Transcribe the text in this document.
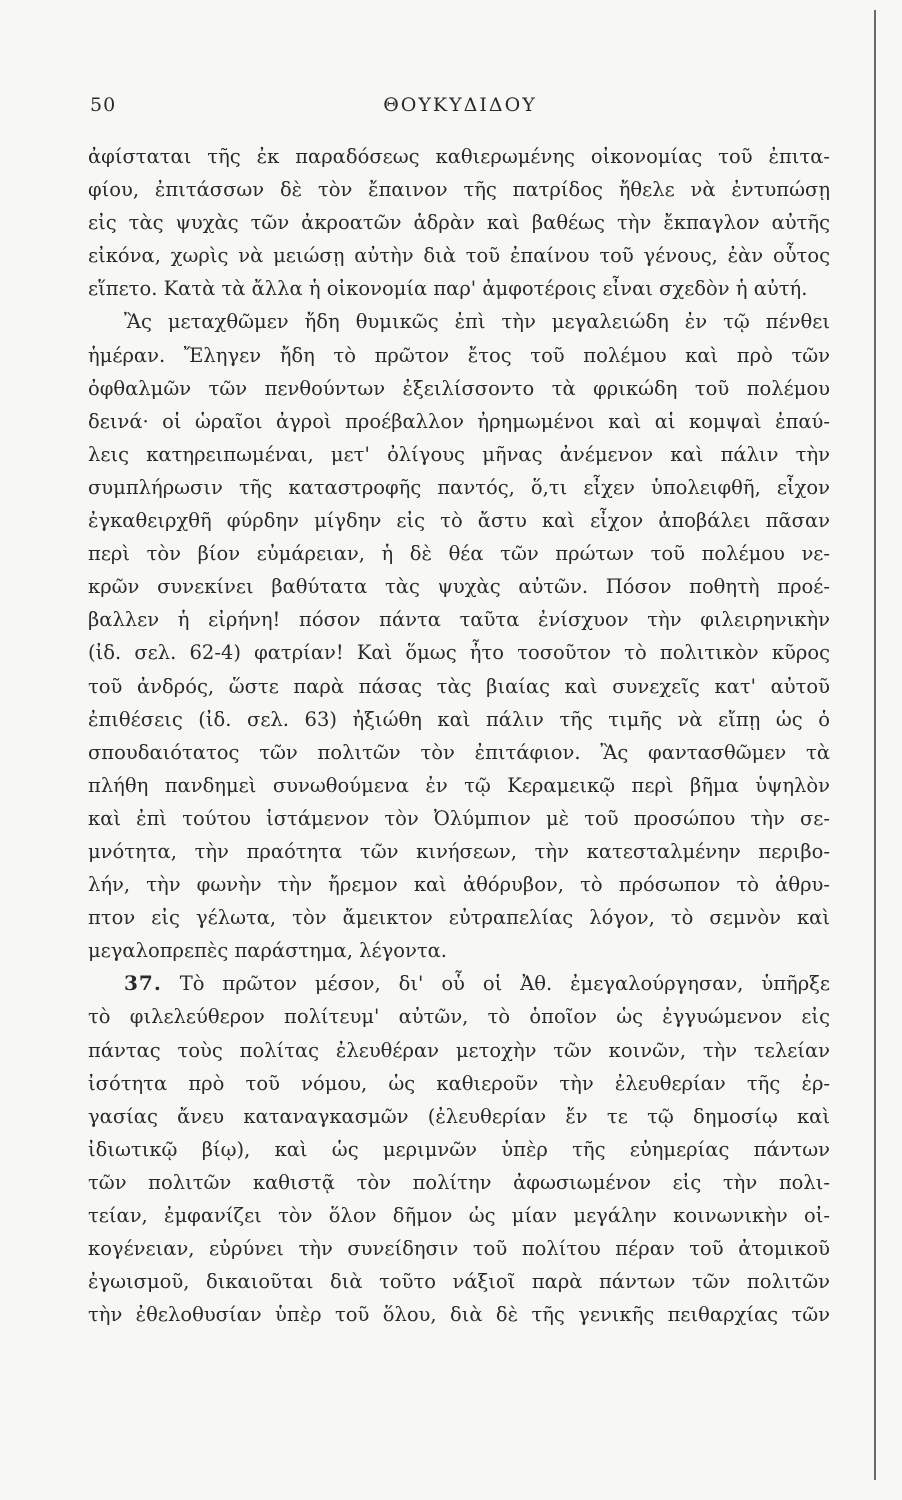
50	ΘΟΥΚΥΔΙΔΟΥ
ἀφίσταται τῆς ἐκ παραδόσεως καθιερωμένης οἰκονομίας τοῦ ἐπιτα-
φίου, ἐπιτάσσων δὲ τὸν ἔπαινον τῆς πατρίδος ἤθελε νὰ ἐντυπώσῃ
εἰς τὰς ψυχὰς τῶν ἀκροατῶν ἁδρὰν καὶ βαθέως τὴν ἔκπαγλον αὐτῆς
εἰκόνα, χωρὶς νὰ μειώσῃ αὐτὴν διὰ τοῦ ἐπαίνου τοῦ γένους, ἐὰν οὗτος
εἵπετο. Κατὰ τὰ ἄλλα ἡ οἰκονομία παρ' ἀμφοτέροις εἶναι σχεδὸν ἡ αὐτή.
Ἂς μεταχθῶμεν ἤδη θυμικῶς ἐπὶ τὴν μεγαλειώδη ἐν τῷ πένθει
ἡμέραν. Ἔληγεν ἤδη τὸ πρῶτον ἔτος τοῦ πολέμου καὶ πρὸ τῶν
ὀφθαλμῶν τῶν πενθούντων ἐξειλίσσοντο τὰ φρικώδη τοῦ πολέμου
δεινά· οἱ ὡραῖοι ἀγροὶ προέβαλλον ἠρημωμένοι καὶ αἱ κομψαὶ ἐπαύ-
λεις κατηρειπωμέναι, μετ' ὀλίγους μῆνας ἀνέμενον καὶ πάλιν τὴν
συμπλήρωσιν τῆς καταστροφῆς παντός, ὅ,τι εἶχεν ὑπολειφθῆ, εἶχον
ἐγκαθειρχθῆ φύρδην μίγδην εἰς τὸ ἄστυ καὶ εἶχον ἀποβάλει πᾶσαν
περὶ τὸν βίον εὐμάρειαν, ἡ δὲ θέα τῶν πρώτων τοῦ πολέμου νε-
κρῶν συνεκίνει βαθύτατα τὰς ψυχὰς αὐτῶν. Πόσον ποθητὴ προέ-
βαλλεν ἡ εἰρήνη! πόσον πάντα ταῦτα ἐνίσχυον τὴν φιλειρηνικὴν
(ἰδ. σελ. 62-4) φατρίαν! Καὶ ὅμως ἦτο τοσοῦτον τὸ πολιτικὸν κῦρος
τοῦ ἀνδρός, ὥστε παρὰ πάσας τὰς βιαίας καὶ συνεχεῖς κατ' αὐτοῦ
ἐπιθέσεις (ἰδ. σελ. 63) ἠξιώθη καὶ πάλιν τῆς τιμῆς νὰ εἴπῃ ὡς ὁ
σπουδαιότατος τῶν πολιτῶν τὸν ἐπιτάφιον. Ἂς φαντασθῶμεν τὰ
πλήθη πανδημεὶ συνωθούμενα ἐν τῷ Κεραμεικῷ περὶ βῆμα ὑψηλὸν
καὶ ἐπὶ τούτου ἱστάμενον τὸν Ὀλύμπιον μὲ τοῦ προσώπου τὴν σε-
μνότητα, τὴν πραότητα τῶν κινήσεων, τὴν κατεσταλμένην περιβο-
λήν, τὴν φωνὴν τὴν ἤρεμον καὶ ἀθόρυβον, τὸ πρόσωπον τὸ ἀθρυ-
πτον εἰς γέλωτα, τὸν ἄμεικτον εὐτραπελίας λόγον, τὸ σεμνὸν καὶ
μεγαλοπρεπὲς παράστημα, λέγοντα.
37. Τὸ πρῶτον μέσον, δι' οὗ οἱ Ἀθ. ἐμεγαλούργησαν, ὑπῆρξε
τὸ φιλελεύθερον πολίτευμ' αὐτῶν, τὸ ὁποῖον ὡς ἐγγυώμενον εἰς
πάντας τοὺς πολίτας ἐλευθέραν μετοχὴν τῶν κοινῶν, τὴν τελείαν
ἰσότητα πρὸ τοῦ νόμου, ὡς καθιεροῦν τὴν ἐλευθερίαν τῆς ἐρ-
γασίας ἄνευ καταναγκασμῶν (ἐλευθερίαν ἔν τε τῷ δημοσίῳ καὶ
ἰδιωτικῷ βίῳ), καὶ ὡς μεριμνῶν ὑπὲρ τῆς εὐημερίας πάντων
τῶν πολιτῶν καθιστᾷ τὸν πολίτην ἀφωσιωμένον εἰς τὴν πολι-
τείαν, ἐμφανίζει τὸν ὅλον δῆμον ὡς μίαν μεγάλην κοινωνικὴν οἰ-
κογένειαν, εὐρύνει τὴν συνείδησιν τοῦ πολίτου πέραν τοῦ ἀτομικοῦ
ἐγωισμοῦ, δικαιοῦται διὰ τοῦτο νάξιοῖ παρὰ πάντων τῶν πολιτῶν
τὴν ἐθελοθυσίαν ὑπὲρ τοῦ ὅλου, διὰ δὲ τῆς γενικῆς πειθαρχίας τῶν
